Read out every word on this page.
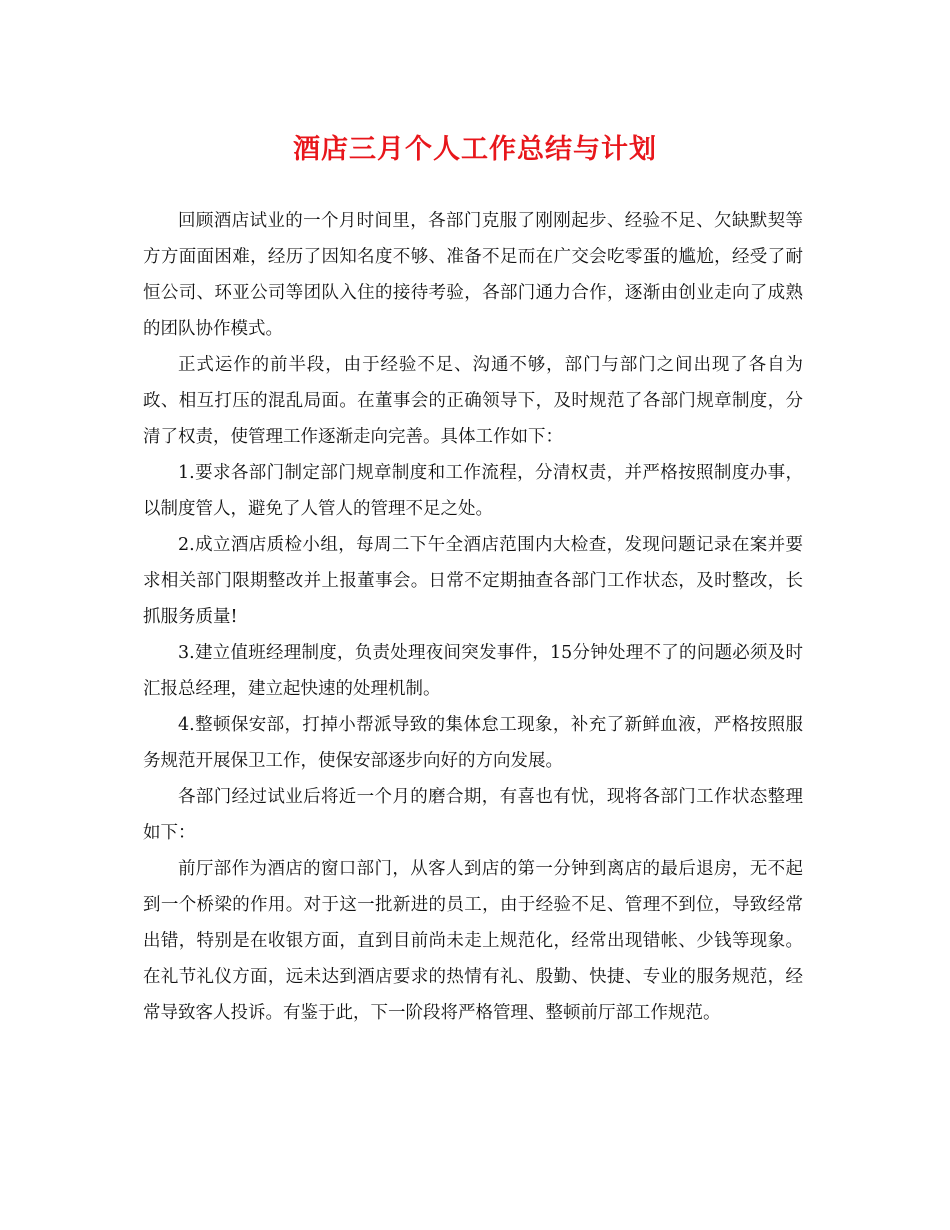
酒店三月个人工作总结与计划

回顾酒店试业的一个月时间里，各部门克服了刚刚起步、经验不足、欠缺默契等方方面面困难，经历了因知名度不够、准备不足而在广交会吃零蛋的尴尬，经受了耐恒公司、环亚公司等团队入住的接待考验，各部门通力合作，逐渐由创业走向了成熟的团队协作模式。

正式运作的前半段，由于经验不足、沟通不够，部门与部门之间出现了各自为政、相互打压的混乱局面。在董事会的正确领导下，及时规范了各部门规章制度，分清了权责，使管理工作逐渐走向完善。具体工作如下：

1.要求各部门制定部门规章制度和工作流程，分清权责，并严格按照制度办事，以制度管人，避免了人管人的管理不足之处。

2.成立酒店质检小组，每周二下午全酒店范围内大检查，发现问题记录在案并要求相关部门限期整改并上报董事会。日常不定期抽查各部门工作状态，及时整改，长抓服务质量!

3.建立值班经理制度，负责处理夜间突发事件，15分钟处理不了的问题必须及时汇报总经理，建立起快速的处理机制。

4.整顿保安部，打掉小帮派导致的集体怠工现象，补充了新鲜血液，严格按照服务规范开展保卫工作，使保安部逐步向好的方向发展。

各部门经过试业后将近一个月的磨合期，有喜也有忧，现将各部门工作状态整理如下：

前厅部作为酒店的窗口部门，从客人到店的第一分钟到离店的最后退房，无不起到一个桥梁的作用。对于这一批新进的员工，由于经验不足、管理不到位，导致经常出错，特别是在收银方面，直到目前尚未走上规范化，经常出现错帐、少钱等现象。在礼节礼仪方面，远未达到酒店要求的热情有礼、殷勤、快捷、专业的服务规范，经常导致客人投诉。有鉴于此，下一阶段将严格管理、整顿前厅部工作规范。
